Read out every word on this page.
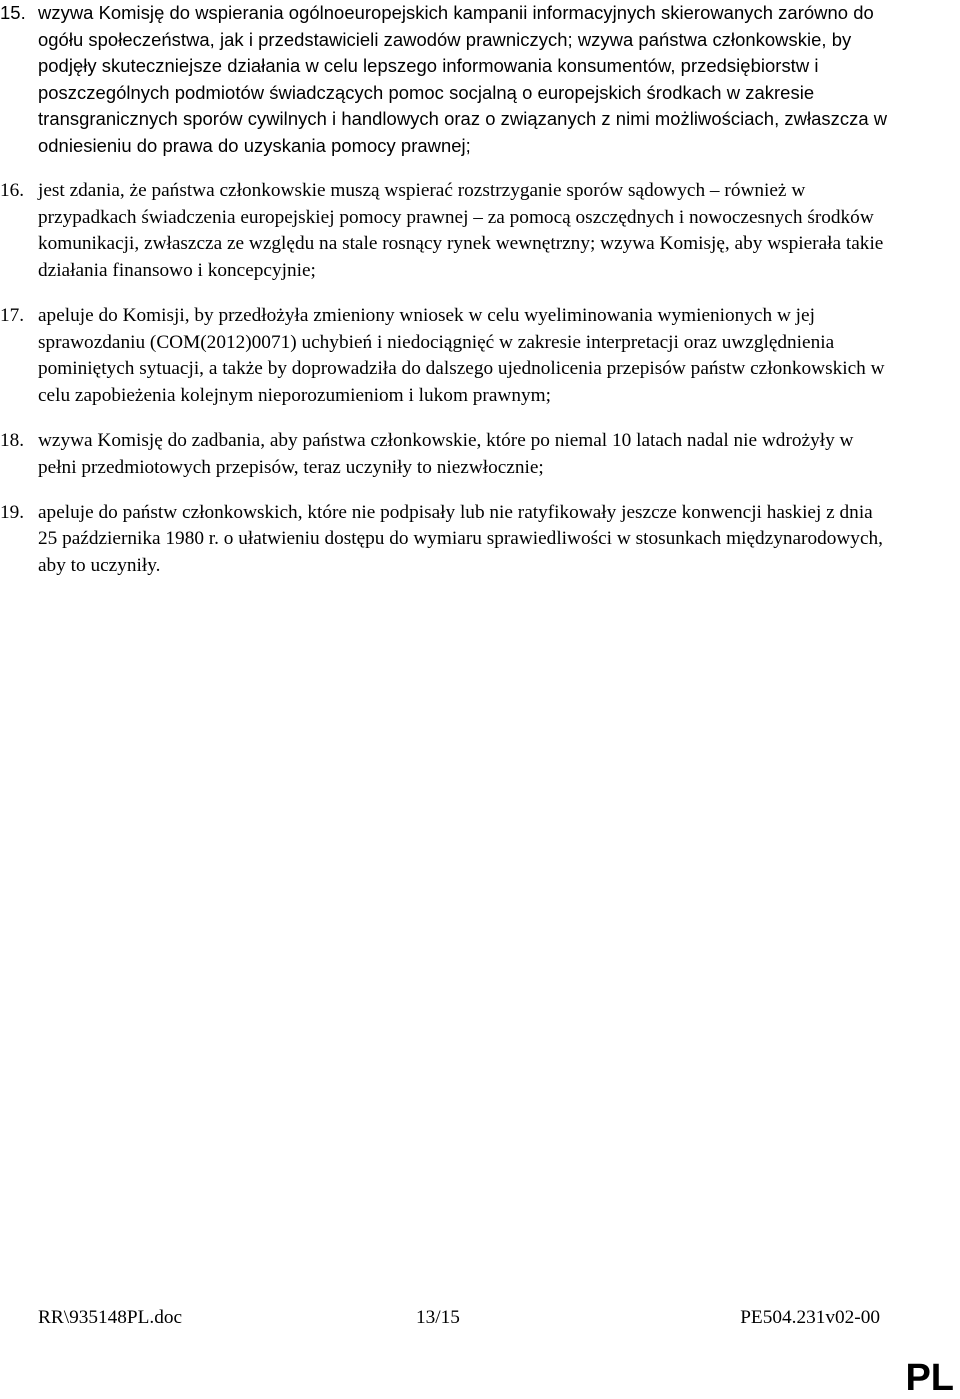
15. wzywa Komisję do wspierania ogólnoeuropejskich kampanii informacyjnych skierowanych zarówno do ogółu społeczeństwa, jak i przedstawicieli zawodów prawniczych; wzywa państwa członkowskie, by podjęły skuteczniejsze działania w celu lepszego informowania konsumentów, przedsiębiorstw i poszczególnych podmiotów świadczących pomoc socjalną o europejskich środkach w zakresie transgranicznych sporów cywilnych i handlowych oraz o związanych z nimi możliwościach, zwłaszcza w odniesieniu do prawa do uzyskania pomocy prawnej;
16. jest zdania, że państwa członkowskie muszą wspierać rozstrzyganie sporów sądowych – również w przypadkach świadczenia europejskiej pomocy prawnej – za pomocą oszczędnych i nowoczesnych środków komunikacji, zwłaszcza ze względu na stale rosnący rynek wewnętrzny; wzywa Komisję, aby wspierała takie działania finansowo i koncepcyjnie;
17. apeluje do Komisji, by przedłożyła zmieniony wniosek w celu wyeliminowania wymienionych w jej sprawozdaniu (COM(2012)0071) uchybień i niedociągnięć w zakresie interpretacji oraz uwzględnienia pominiętych sytuacji, a także by doprowadziła do dalszego ujednolicenia przepisów państw członkowskich w celu zapobieżenia kolejnym nieporozumieniom i lukom prawnym;
18. wzywa Komisję do zadbania, aby państwa członkowskie, które po niemal 10 latach nadal nie wdrożyły w pełni przedmiotowych przepisów, teraz uczyniły to niezwłocznie;
19. apeluje do państw członkowskich, które nie podpisały lub nie ratyfikowały jeszcze konwencji haskiej z dnia 25 października 1980 r. o ułatwieniu dostępu do wymiaru sprawiedliwości w stosunkach międzynarodowych, aby to uczyniły.
RR\935148PL.doc	13/15	PE504.231v02-00
PL
